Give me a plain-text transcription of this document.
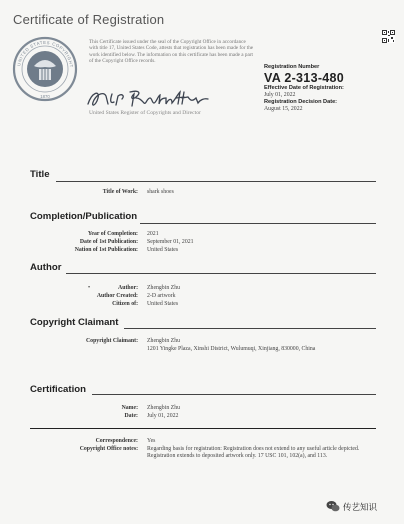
Certificate of Registration
UNITED STATES COPYRIGHT
1870
This Certificate issued under the seal of the Copyright Office in accordance with title 17, United States Code, attests that registration has been made for the work identified below. The information on this certificate has been made a part of the Copyright Office records.
United States Register of Copyrights and Director
Registration Number
VA 2-313-480
Effective Date of Registration:
July 01, 2022
Registration Decision Date:
August 15, 2022
Title
Title of Work: shark shoes
Completion/Publication
Year of Completion: 2021
Date of 1st Publication: September 01, 2021
Nation of 1st Publication: United States
Author
•	Author: Zhengbin Zhu
Author Created: 2-D artwork
Citizen of: United States
Copyright Claimant
Copyright Claimant: Zhengbin Zhu
1201 Yingke Plaza, Xinshi District, Wulumuqi, Xinjiang, 830000, China
Certification
Name: Zhengbin Zhu
Date: July 01, 2022
Correspondence: Yes
Copyright Office notes: Regarding basis for registration: Registration does not extend to any useful article depicted. Registration extends to deposited artwork only. 17 USC 101, 102(a), and 113.
传艺知识
